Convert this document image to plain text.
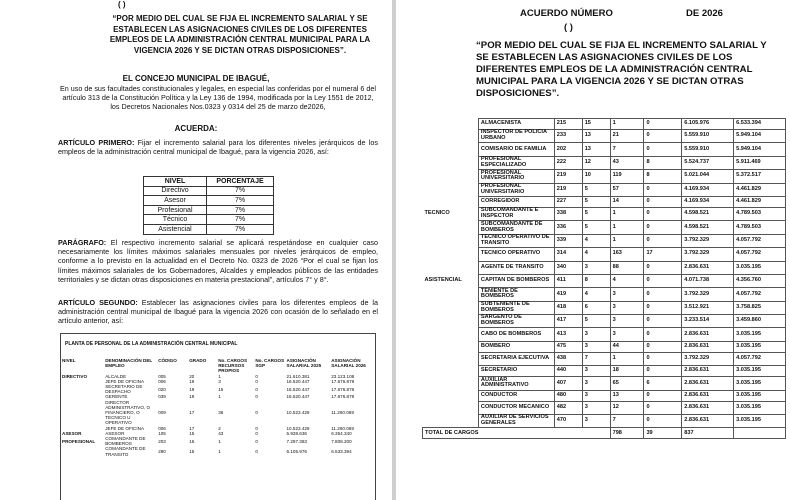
( )
“POR MEDIO DEL CUAL SE FIJA EL INCREMENTO SALARIAL Y SE ESTABLECEN LAS ASIGNACIONES CIVILES DE LOS DIFERENTES EMPLEOS DE LA ADMINISTRACIÓN CENTRAL MUNICIPAL PARA LA VIGENCIA 2026 Y SE DICTAN OTRAS DISPOSICIONES”.
EL CONCEJO MUNICIPAL DE IBAGUÉ,
En uso de sus facultades constitucionales y legales, en especial las conferidas por el numeral 6 del artículo 313 de la Constitución Política y la Ley 136 de 1994, modificada por la Ley 1551 de 2012, los Decretos Nacionales Nos.0323 y 0314 del 25 de marzo de2026,
ACUERDA:
ARTÍCULO PRIMERO: Fijar el incremento salarial para los diferentes niveles jerárquicos de los empleos de la administración central municipal de Ibagué, para la vigencia 2026, así:
NIVEL	PORCENTAJE
Directivo	7%
Asesor	7%
Profesional	7%
Técnico	7%
Asistencial	7%
PARÁGRAFO: El respectivo incremento salarial se aplicará respetándose en cualquier caso necesariamente los límites máximos salariales mensuales por niveles jerárquicos de empleo, conforme a lo previsto en la actualidad en el Decreto No. 0323 de 2026 “Por el cual se fijan los límites máximos salariales de los Gobernadores, Alcaldes y empleados públicos de las entidades territoriales y se dictan otras disposiciones en materia prestacional”, artículos 7° y 8°.
ARTÍCULO SEGUNDO: Establecer las asignaciones civiles para los diferentes empleos de la administración central municipal de Ibagué para la vigencia 2026 con ocasión de lo señalado en el artículo anterior, así:
PLANTA DE PERSONAL DE LA ADMINISTRACIÓN CENTRAL MUNICIPAL
NIVEL	DENOMINACIÓN DEL EMPLEO	CÓDIGO	GRADO	No. CARGOS RECURSOS PROPIOS	No. CARGOS SGP	ASIGNACIÓN SALARIAL 2025	ASIGNACIÓN SALARIAL 2026
DIRECTIVO	ALCALDE	005	20	1	0	21.610.381	23.123.108
	JEFE DE OFICINA	006	19	3	0	16.520.447	17.676.878
	SECRETARIO DE DESPACHO	020	19	15	0	16.520.447	17.676.878
	GERENTE	039	19	1	0	16.520.447	17.676.878
	DIRECTOR ADMINISTRATIVO, O FINANCIERO, O TECNICO U OPERATIVO	009	17	36	0	10.523.429	11.260.069
	JEFE DE OFICINA	006	17	2	0	10.523.429	11.260.069
ASESOR	ASESOR	105	15	43	0	5.938.636	6.354.340
PROFESIONAL	COMANDANTE DE BOMBEROS	203	16	1	0	7.297.383	7.808.200
	COMANDANTE DE TRANSITO	290	15	1	0	6.105.976	6.533.394
ACUERDO NÚMERO	DE 2026
( )
“POR MEDIO DEL CUAL SE FIJA EL INCREMENTO SALARIAL Y SE ESTABLECEN LAS ASIGNACIONES CIVILES DE LOS DIFERENTES EMPLEOS DE LA ADMINISTRACIÓN CENTRAL MUNICIPAL PARA LA VIGENCIA 2026 Y SE DICTAN OTRAS DISPOSICIONES”.
	ALMACENISTA	215	15	1	0	6.105.976	6.533.394
	INSPECTOR DE POLICIA URBANO	233	13	21	0	5.559.910	5.949.104
	COMISARIO DE FAMILIA	202	13	7	0	5.559.910	5.949.104
	PROFESIONAL ESPECIALIZADO	222	12	43	8	5.524.737	5.911.469
	PROFESIONAL UNIVERSITARIO	219	10	119	8	5.021.044	5.372.517
	PROFESIONAL UNIVERSITARIO	219	5	57	0	4.169.934	4.461.829
	CORREGIDOR	227	5	14	0	4.169.934	4.461.829
TECNICO	SUBCOMANDANTE E INSPECTOR	338	5	1	0	4.598.521	4.789.503
	SUBCOMANDANTE DE BOMBEROS	336	5	1	0	4.598.521	4.789.503
	TECNICO OPERATIVO DE TRANSITO	339	4	1	0	3.792.329	4.057.792
	TECNICO OPERATIVO	314	4	163	17	3.792.329	4.057.792
	AGENTE DE TRANSITO	340	3	88	0	2.836.631	3.035.195
ASISTENCIAL	CAPITAN DE BOMBEROS	411	8	4	0	4.071.738	4.356.760
	TENIENTE DE BOMBEROS	419	4	3	0	3.792.329	4.057.792
	SUBTENIENTE DE BOMBEROS	418	6	3	0	3.512.921	3.758.825
	SARGENTO DE BOMBEROS	417	5	3	0	3.233.514	3.459.860
	CABO DE BOMBEROS	413	3	3	0	2.836.631	3.035.195
	BOMBERO	475	3	44	0	2.836.631	3.035.195
	SECRETARIA EJECUTIVA	438	7	1	0	3.792.329	4.057.792
	SECRETARIO	440	3	18	0	2.836.631	3.035.195
	AUXILIAR ADMINISTRATIVO	407	3	65	6	2.836.631	3.035.195
	CONDUCTOR	480	3	13	0	2.836.631	3.035.195
	CONDUCTOR MECANICO	482	3	12	0	2.836.631	3.035.195
	AUXILIAR DE SERVICIOS GENERALES	470	3	7	0	2.836.631	3.035.195
TOTAL DE CARGOS				798	39	837	
